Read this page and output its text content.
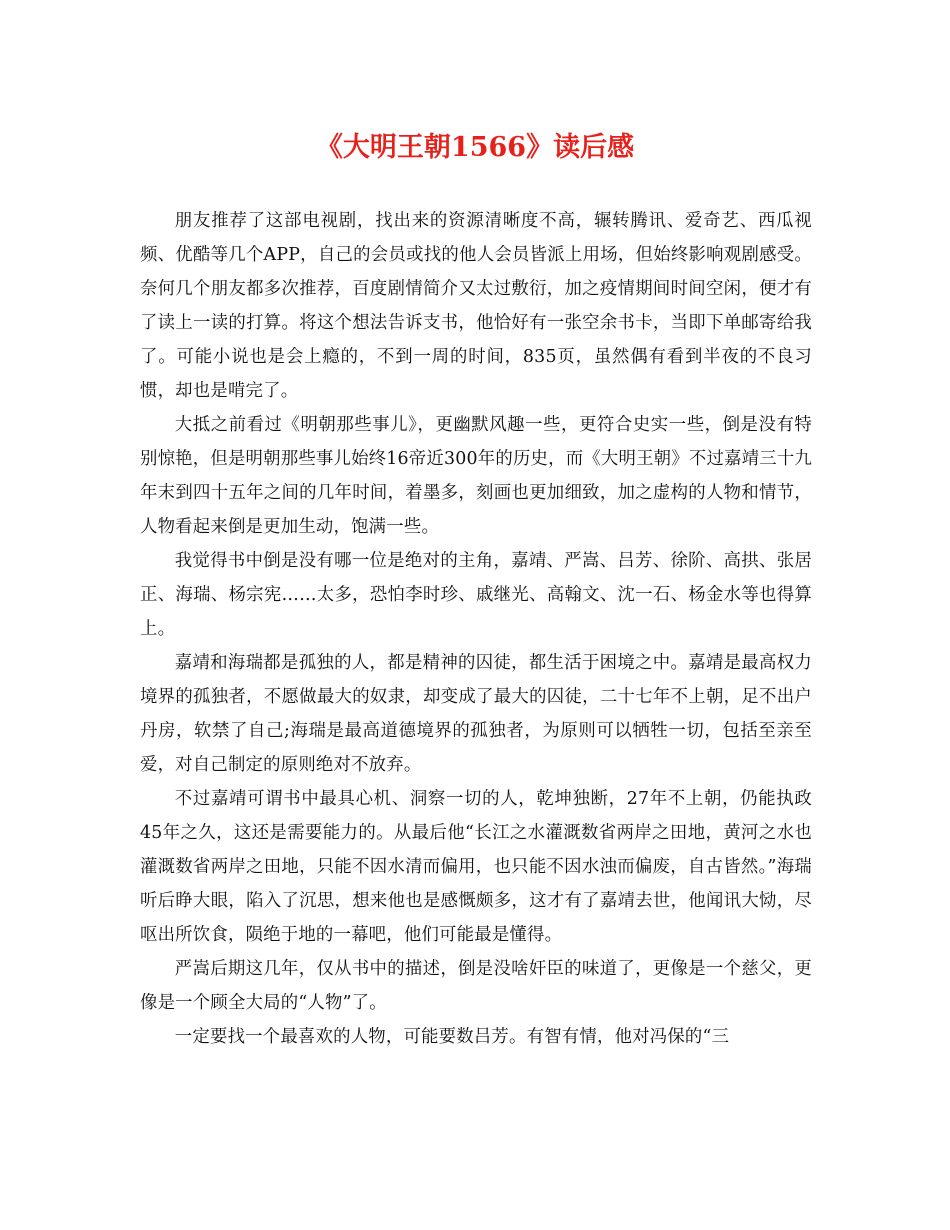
《大明王朝1566》读后感

朋友推荐了这部电视剧，找出来的资源清晰度不高，辗转腾讯、爱奇艺、西瓜视频、优酷等几个APP，自己的会员或找的他人会员皆派上用场，但始终影响观剧感受。奈何几个朋友都多次推荐，百度剧情简介又太过敷衍，加之疫情期间时间空闲，便才有了读上一读的打算。将这个想法告诉支书，他恰好有一张空余书卡，当即下单邮寄给我了。可能小说也是会上瘾的，不到一周的时间，835页，虽然偶有看到半夜的不良习惯，却也是啃完了。

大抵之前看过《明朝那些事儿》，更幽默风趣一些，更符合史实一些，倒是没有特别惊艳，但是明朝那些事儿始终16帝近300年的历史，而《大明王朝》不过嘉靖三十九年末到四十五年之间的几年时间，着墨多，刻画也更加细致，加之虚构的人物和情节，人物看起来倒是更加生动，饱满一些。

我觉得书中倒是没有哪一位是绝对的主角，嘉靖、严嵩、吕芳、徐阶、高拱、张居正、海瑞、杨宗宪……太多，恐怕李时珍、戚继光、高翰文、沈一石、杨金水等也得算上。

嘉靖和海瑞都是孤独的人，都是精神的囚徒，都生活于困境之中。嘉靖是最高权力境界的孤独者，不愿做最大的奴隶，却变成了最大的囚徒，二十七年不上朝，足不出户丹房，软禁了自己;海瑞是最高道德境界的孤独者，为原则可以牺牲一切，包括至亲至爱，对自己制定的原则绝对不放弃。

不过嘉靖可谓书中最具心机、洞察一切的人，乾坤独断，27年不上朝，仍能执政45年之久，这还是需要能力的。从最后他“长江之水灌溉数省两岸之田地，黄河之水也灌溉数省两岸之田地，只能不因水清而偏用，也只能不因水浊而偏废，自古皆然。”海瑞听后睁大眼，陷入了沉思，想来他也是感慨颇多，这才有了嘉靖去世，他闻讯大恸，尽呕出所饮食，陨绝于地的一幕吧，他们可能最是懂得。

严嵩后期这几年，仅从书中的描述，倒是没啥奸臣的味道了，更像是一个慈父，更像是一个顾全大局的“人物”了。

一定要找一个最喜欢的人物，可能要数吕芳。有智有情，他对冯保的“三
